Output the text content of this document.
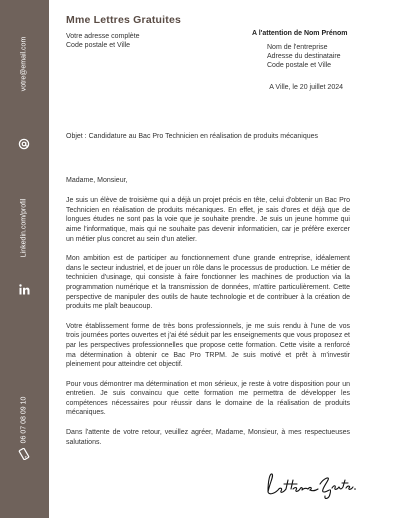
votre@email.com
Linkedin.com/profil
06 07 08 09 10
Mme Lettres Gratuites
Votre adresse complète
Code postale et Ville
A l'attention de Nom Prénom
Nom de l'entreprise
Adresse du destinataire
Code postale et Ville
A Ville, le 20 juillet 2024
Objet : Candidature au Bac Pro Technicien en réalisation de produits mécaniques
Madame, Monsieur,

Je suis un élève de troisième qui a déjà un projet précis en tête, celui d'obtenir un Bac Pro Technicien en réalisation de produits mécaniques. En effet, je sais d'ores et déjà que de longues études ne sont pas la voie que je souhaite prendre. Je suis un jeune homme qui aime l'informatique, mais qui ne souhaite pas devenir informaticien, car je préfère exercer un métier plus concret au sein d'un atelier.

Mon ambition est de participer au fonctionnement d'une grande entreprise, idéalement dans le secteur industriel, et de jouer un rôle dans le processus de production. Le métier de technicien d'usinage, qui consiste à faire fonctionner les machines de production via la programmation numérique et la transmission de données, m'attire particulièrement. Cette perspective de manipuler des outils de haute technologie et de contribuer à la création de produits me plaît beaucoup.

Votre établissement forme de très bons professionnels, je me suis rendu à l'une de vos trois journées portes ouvertes et j'ai été séduit par les enseignements que vous proposez et par les perspectives professionnelles que propose cette formation. Cette visite a renforcé ma détermination à obtenir ce Bac Pro TRPM. Je suis motivé et prêt à m'investir pleinement pour atteindre cet objectif.

Pour vous démontrer ma détermination et mon sérieux, je reste à votre disposition pour un entretien. Je suis convaincu que cette formation me permettra de développer les compétences nécessaires pour réussir dans le domaine de la réalisation de produits mécaniques.

Dans l'attente de votre retour, veuillez agréer, Madame, Monsieur, à mes respectueuses salutations.
